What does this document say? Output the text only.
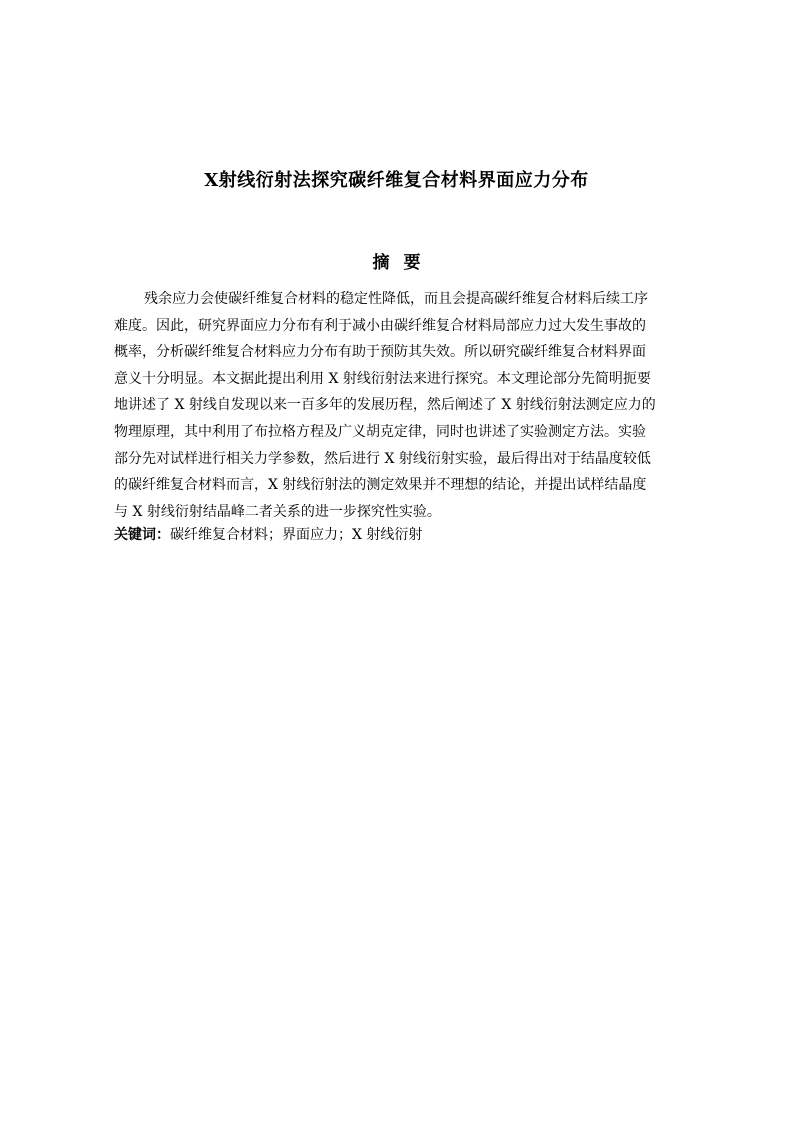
X射线衍射法探究碳纤维复合材料界面应力分布
摘要
残余应力会使碳纤维复合材料的稳定性降低，而且会提高碳纤维复合材料后续工序
难度。因此，研究界面应力分布有利于减小由碳纤维复合材料局部应力过大发生事故的
概率，分析碳纤维复合材料应力分布有助于预防其失效。所以研究碳纤维复合材料界面
意义十分明显。本文据此提出利用 X 射线衍射法来进行探究。本文理论部分先简明扼要
地讲述了 X 射线自发现以来一百多年的发展历程，然后阐述了 X 射线衍射法测定应力的
物理原理，其中利用了布拉格方程及广义胡克定律，同时也讲述了实验测定方法。实验
部分先对试样进行相关力学参数，然后进行 X 射线衍射实验，最后得出对于结晶度较低
的碳纤维复合材料而言，X 射线衍射法的测定效果并不理想的结论，并提出试样结晶度
与 X 射线衍射结晶峰二者关系的进一步探究性实验。
关键词：碳纤维复合材料；界面应力；X 射线衍射
